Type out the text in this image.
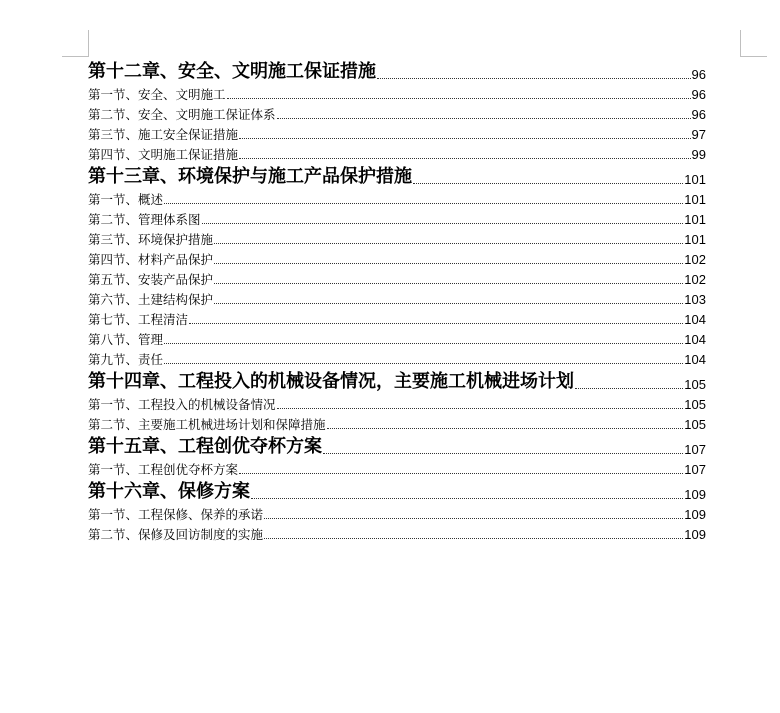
第十二章、安全、文明施工保证措施	96
第一节、安全、文明施工	96
第二节、安全、文明施工保证体系	96
第三节、施工安全保证措施	97
第四节、文明施工保证措施	99
第十三章、环境保护与施工产品保护措施	101
第一节、概述	101
第二节、管理体系图	101
第三节、环境保护措施	101
第四节、材料产品保护	102
第五节、安装产品保护	102
第六节、土建结构保护	103
第七节、工程清洁	104
第八节、管理	104
第九节、责任	104
第十四章、工程投入的机械设备情况，主要施工机械进场计划	105
第一节、工程投入的机械设备情况	105
第二节、主要施工机械进场计划和保障措施	105
第十五章、工程创优夺杯方案	107
第一节、工程创优夺杯方案	107
第十六章、保修方案	109
第一节、工程保修、保养的承诺	109
第二节、保修及回访制度的实施	109
